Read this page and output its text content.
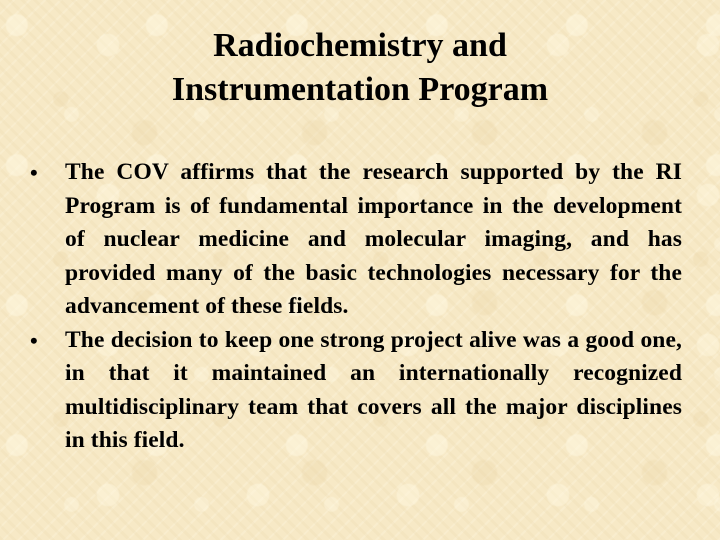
Radiochemistry and
Instrumentation Program
• The COV affirms that the research supported by the RI Program is of fundamental importance in the development of nuclear medicine and molecular imaging, and has provided many of the basic technologies necessary for the advancement of these fields.
• The decision to keep one strong project alive was a good one, in that it maintained an internationally recognized multidisciplinary team that covers all the major disciplines in this field.
